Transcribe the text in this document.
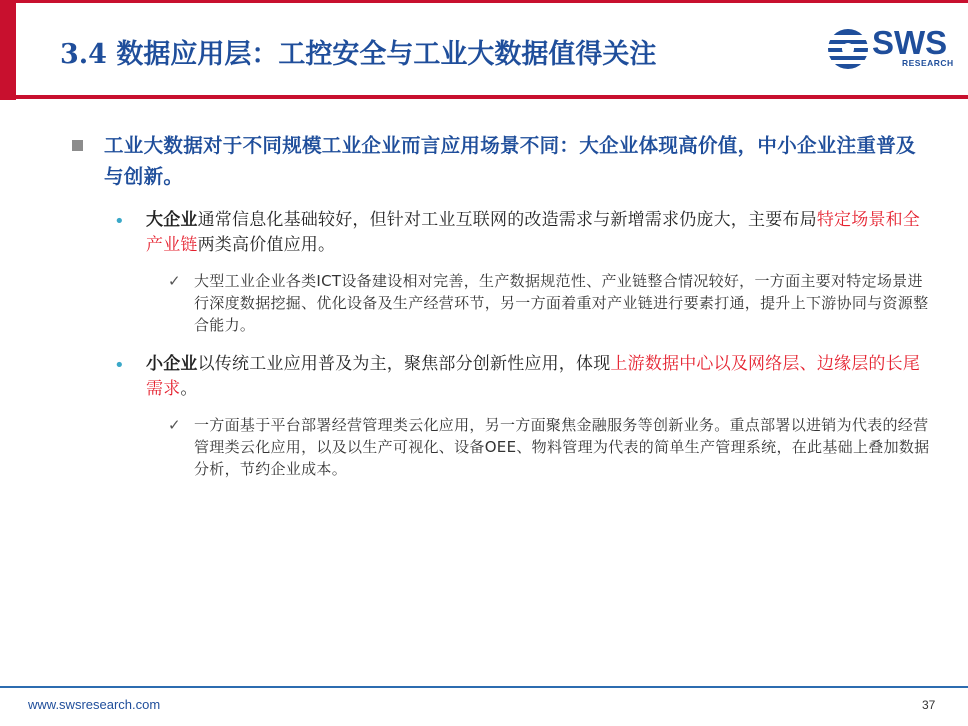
3.4 数据应用层：工控安全与工业大数据值得关注	SWS
RESEARCH
工业大数据对于不同规模工业企业而言应用场景不同：大企业体现高价值，中小企业注重普及与创新。
• 大企业通常信息化基础较好，但针对工业互联网的改造需求与新增需求仍庞大，主要布局特定场景和全产业链两类高价值应用。
✓ 大型工业企业各类ICT设备建设相对完善，生产数据规范性、产业链整合情况较好，一方面主要对特定场景进行深度数据挖掘、优化设备及生产经营环节，另一方面着重对产业链进行要素打通，提升上下游协同与资源整合能力。
• 小企业以传统工业应用普及为主，聚焦部分创新性应用，体现上游数据中心以及网络层、边缘层的长尾需求。
✓ 一方面基于平台部署经营管理类云化应用，另一方面聚焦金融服务等创新业务。重点部署以进销为代表的经营管理类云化应用，以及以生产可视化、设备OEE、物料管理为代表的简单生产管理系统，在此基础上叠加数据分析，节约企业成本。
www.swsresearch.com	37
